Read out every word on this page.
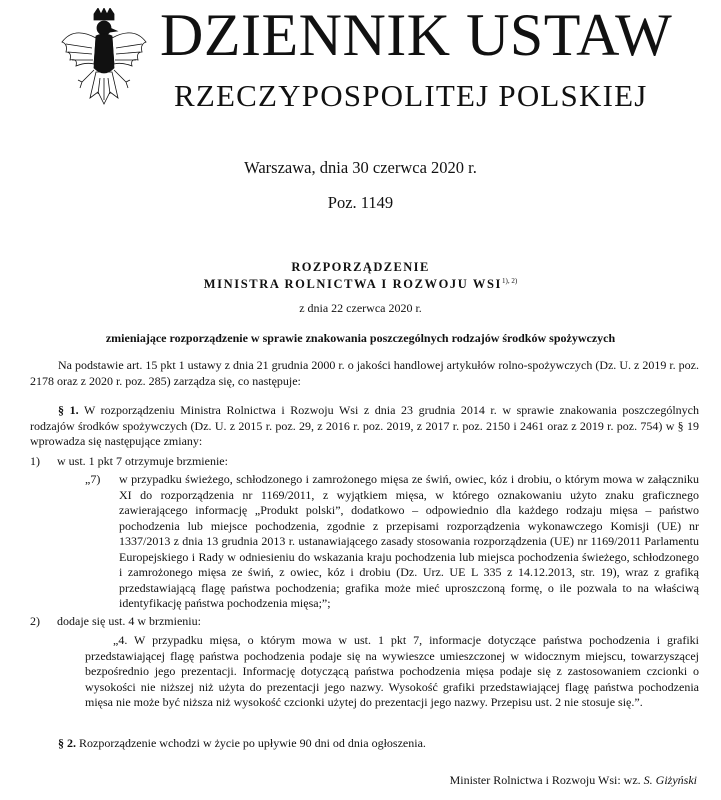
DZIENNIK USTAW
RZECZYPOSPOLITEJ POLSKIEJ
Warszawa, dnia 30 czerwca 2020 r.
Poz. 1149
ROZPORZĄDZENIE
MINISTRA ROLNICTWA I ROZWOJU $WSI^{1), 2)}$
z dnia 22 czerwca 2020 r.
zmieniające rozporządzenie w sprawie znakowania poszczególnych rodzajów środków spożywczych

Na podstawie art. 15 pkt 1 ustawy z dnia 21 grudnia 2000 r. o jakości handlowej artykułów rolno-spożywczych (Dz. U. z 2019 r. poz. 2178 oraz z 2020 r. poz. 285) zarządza się, co następuje:

§ 1. W rozporządzeniu Ministra Rolnictwa i Rozwoju Wsi z dnia 23 grudnia 2014 r. w sprawie znakowania poszczególnych rodzajów środków spożywczych (Dz. U. z 2015 r. poz. 29, z 2016 r. poz. 2019, z 2017 r. poz. 2150 i 2461 oraz z 2019 r. poz. 754) w § 19 wprowadza się następujące zmiany:

1) w ust. 1 pkt 7 otrzymuje brzmienie:

„7) w przypadku świeżego, schłodzonego i zamrożonego mięsa ze świń, owiec, kóz i drobiu, o którym mowa w załączniku XI do rozporządzenia nr 1169/2011, z wyjątkiem mięsa, w którego oznakowaniu użyto znaku graficznego zawierającego informację „Produkt polski”, dodatkowo – odpowiednio dla każdego rodzaju mięsa – państwo pochodzenia lub miejsce pochodzenia, zgodnie z przepisami rozporządzenia wykonawczego Komisji (UE) nr 1337/2013 z dnia 13 grudnia 2013 r. ustanawiającego zasady stosowania rozporządzenia (UE) nr 1169/2011 Parlamentu Europejskiego i Rady w odniesieniu do wskazania kraju pochodzenia lub miejsca pochodzenia świeżego, schłodzonego i zamrożonego mięsa ze świń, z owiec, kóz i drobiu (Dz. Urz. UE L 335 z 14.12.2013, str. 19), wraz z grafiką przedstawiającą flagę państwa pochodzenia; grafika może mieć uproszczoną formę, o ile pozwala to na właściwą identyfikację państwa pochodzenia mięsa;”;

2) dodaje się ust. 4 w brzmieniu:

„4. W przypadku mięsa, o którym mowa w ust. 1 pkt 7, informacje dotyczące państwa pochodzenia i grafiki przedstawiającej flagę państwa pochodzenia podaje się na wywieszce umieszczonej w widocznym miejscu, towarzyszącej bezpośrednio jego prezentacji. Informację dotyczącą państwa pochodzenia mięsa podaje się z zastosowaniem czcionki o wysokości nie niższej niż użyta do prezentacji jego nazwy. Wysokość grafiki przedstawiającej flagę państwa pochodzenia mięsa nie może być niższa niż wysokość czcionki użytej do prezentacji jego nazwy. Przepisu ust. 2 nie stosuje się.”.

§ 2. Rozporządzenie wchodzi w życie po upływie 90 dni od dnia ogłoszenia.

Minister Rolnictwa i Rozwoju Wsi: wz. S. Giżyński
